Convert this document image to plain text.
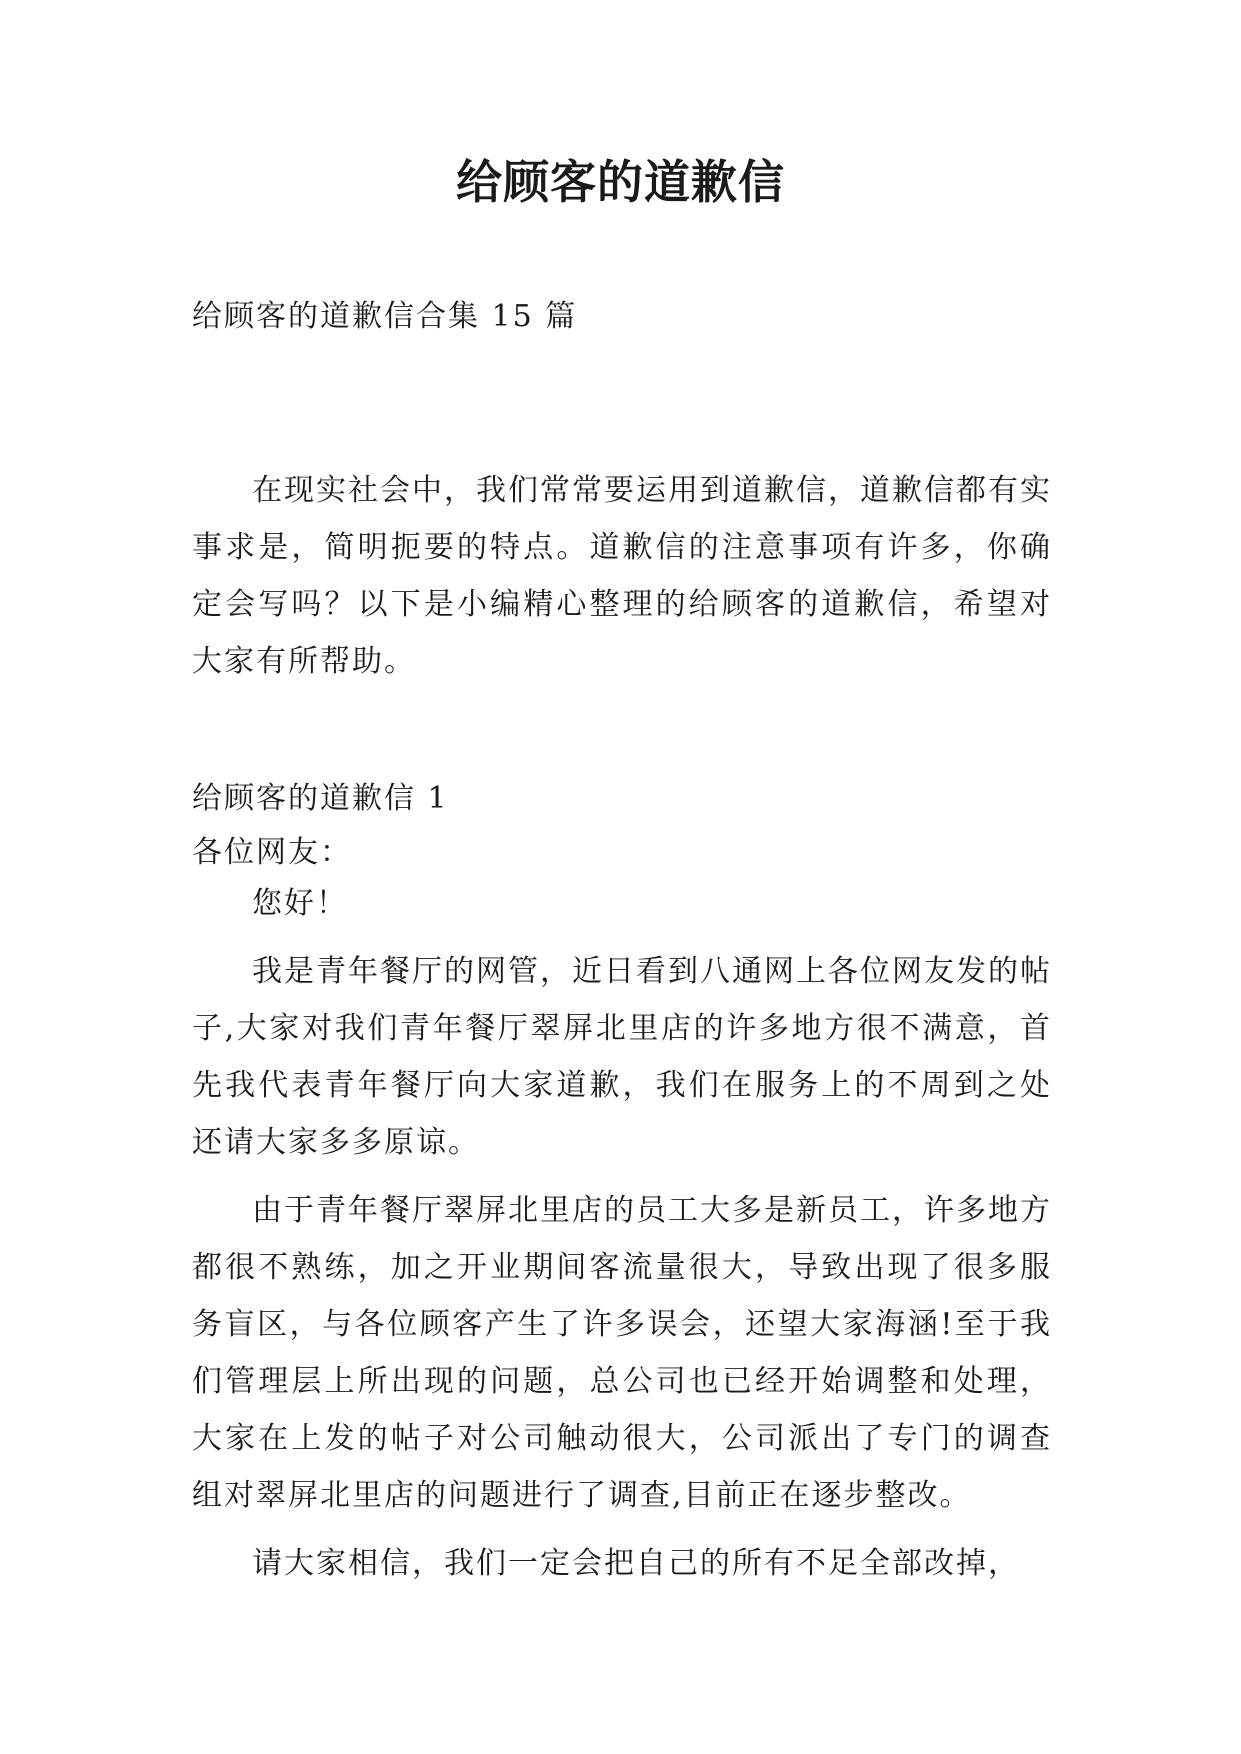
给顾客的道歉信

给顾客的道歉信合集 15 篇

在现实社会中，我们常常要运用到道歉信，道歉信都有实事求是，简明扼要的特点。道歉信的注意事项有许多，你确定会写吗？以下是小编精心整理的给顾客的道歉信，希望对大家有所帮助。

给顾客的道歉信 1

各位网友：

您好！

我是青年餐厅的网管，近日看到八通网上各位网友发的帖子,大家对我们青年餐厅翠屏北里店的许多地方很不满意，首先我代表青年餐厅向大家道歉，我们在服务上的不周到之处还请大家多多原谅。

由于青年餐厅翠屏北里店的员工大多是新员工，许多地方都很不熟练，加之开业期间客流量很大，导致出现了很多服务盲区，与各位顾客产生了许多误会，还望大家海涵!至于我们管理层上所出现的问题，总公司也已经开始调整和处理，大家在上发的帖子对公司触动很大，公司派出了专门的调查组对翠屏北里店的问题进行了调查,目前正在逐步整改。

请大家相信，我们一定会把自己的所有不足全部改掉，
